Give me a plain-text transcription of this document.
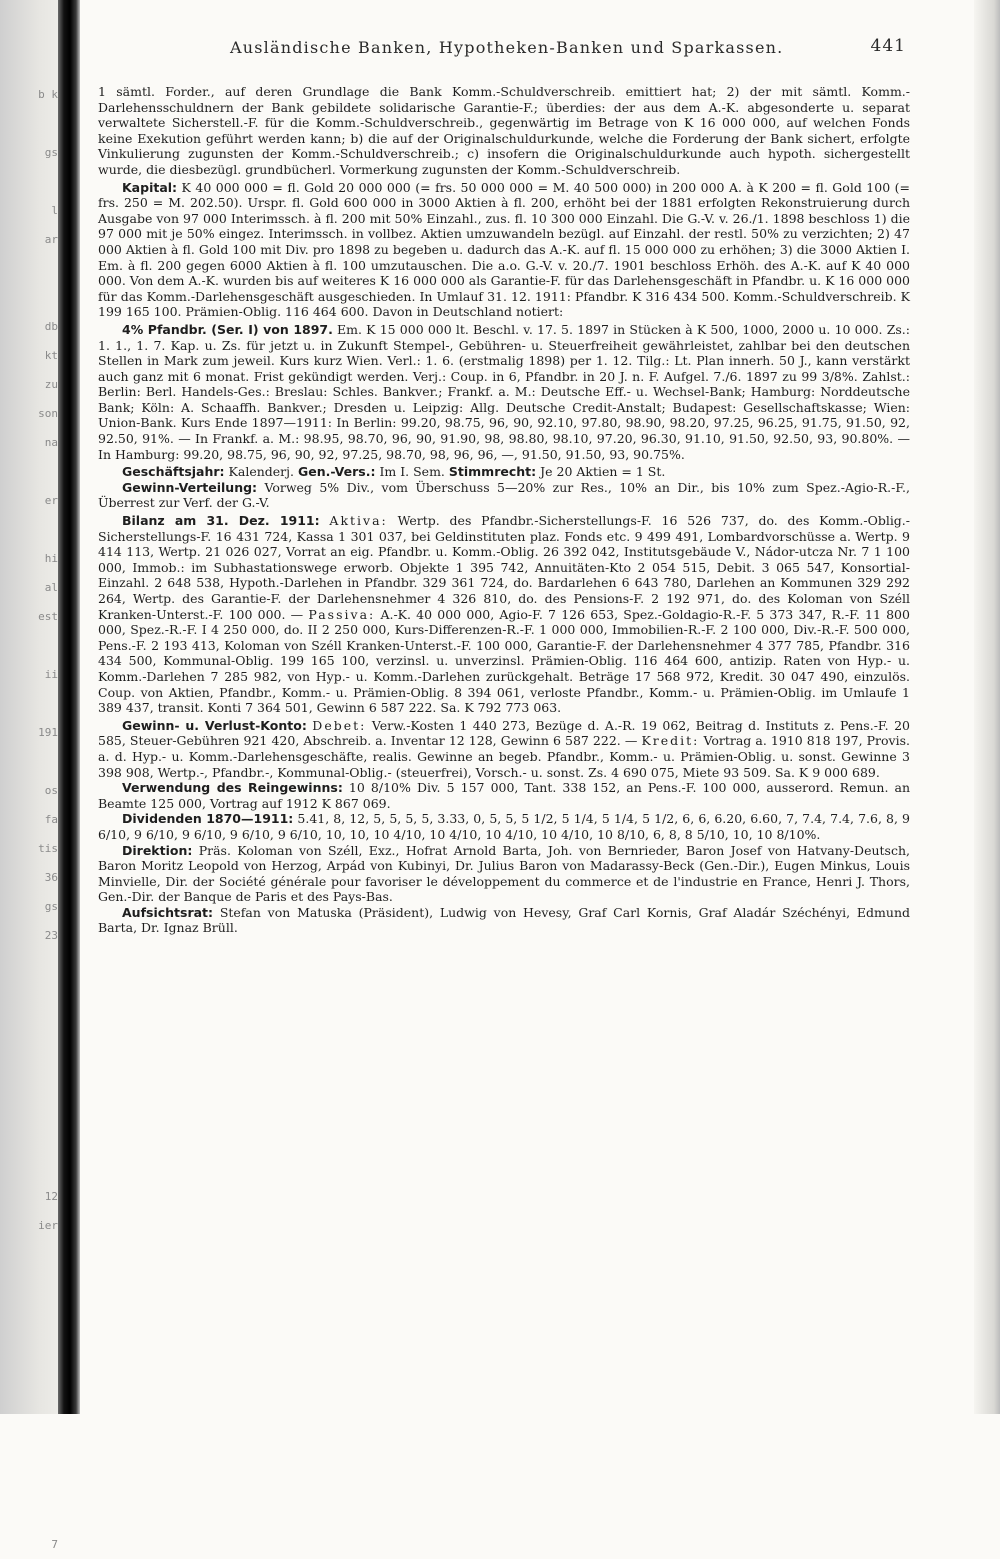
b k

gs

l
ar

db
kt
zu
son
na

er

hi
al
est

ii

191

os
fa
tis
36
gs
23

12
ier

7
Ausländische Banken, Hypotheken-Banken und Sparkassen.	441

1 sämtl. Forder., auf deren Grundlage die Bank Komm.-Schuldverschreib. emittiert hat; 2) der mit sämtl. Komm.-Darlehensschuldnern der Bank gebildete solidarische Garantie-F.; überdies: der aus dem A.-K. abgesonderte u. separat verwaltete Sicherstell.-F. für die Komm.-Schuldverschreib., gegenwärtig im Betrage von K 16 000 000, auf welchen Fonds keine Exekution geführt werden kann; b) die auf der Originalschuldurkunde, welche die Forderung der Bank sichert, erfolgte Vinkulierung zugunsten der Komm.-Schuldverschreib.; c) insofern die Originalschuldurkunde auch hypoth. sichergestellt wurde, die diesbezügl. grundbücherl. Vormerkung zugunsten der Komm.-Schuldverschreib.

Kapital: K 40 000 000 = fl. Gold 20 000 000 (= frs. 50 000 000 = M. 40 500 000) in 200 000 A. à K 200 = fl. Gold 100 (= frs. 250 = M. 202.50). Urspr. fl. Gold 600 000 in 3000 Aktien à fl. 200, erhöht bei der 1881 erfolgten Rekonstruierung durch Ausgabe von 97 000 Interimssch. à fl. 200 mit 50% Einzahl., zus. fl. 10 300 000 Einzahl. Die G.-V. v. 26./1. 1898 beschloss 1) die 97 000 mit je 50% eingez. Interimssch. in vollbez. Aktien umzuwandeln bezügl. auf Einzahl. der restl. 50% zu verzichten; 2) 47 000 Aktien à fl. Gold 100 mit Div. pro 1898 zu begeben u. dadurch das A.-K. auf fl. 15 000 000 zu erhöhen; 3) die 3000 Aktien I. Em. à fl. 200 gegen 6000 Aktien à fl. 100 umzutauschen. Die a.o. G.-V. v. 20./7. 1901 beschloss Erhöh. des A.-K. auf K 40 000 000. Von dem A.-K. wurden bis auf weiteres K 16 000 000 als Garantie-F. für das Darlehensgeschäft in Pfandbr. u. K 16 000 000 für das Komm.-Darlehensgeschäft ausgeschieden. In Umlauf 31. 12. 1911: Pfandbr. K 316 434 500. Komm.-Schuldverschreib. K 199 165 100. Prämien-Oblig. 116 464 600. Davon in Deutschland notiert:

4% Pfandbr. (Ser. I) von 1897. Em. K 15 000 000 lt. Beschl. v. 17. 5. 1897 in Stücken à K 500, 1000, 2000 u. 10 000. Zs.: 1. 1., 1. 7. Kap. u. Zs. für jetzt u. in Zukunft Stempel-, Gebühren- u. Steuerfreiheit gewährleistet, zahlbar bei den deutschen Stellen in Mark zum jeweil. Kurs kurz Wien. Verl.: 1. 6. (erstmalig 1898) per 1. 12. Tilg.: Lt. Plan innerh. 50 J., kann verstärkt auch ganz mit 6 monat. Frist gekündigt werden. Verj.: Coup. in 6, Pfandbr. in 20 J. n. F. Aufgel. 7./6. 1897 zu 99 3/8%. Zahlst.: Berlin: Berl. Handels-Ges.: Breslau: Schles. Bankver.; Frankf. a. M.: Deutsche Eff.- u. Wechsel-Bank; Hamburg: Norddeutsche Bank; Köln: A. Schaaffh. Bankver.; Dresden u. Leipzig: Allg. Deutsche Credit-Anstalt; Budapest: Gesellschaftskasse; Wien: Union-Bank. Kurs Ende 1897—1911: In Berlin: 99.20, 98.75, 96, 90, 92.10, 97.80, 98.90, 98.20, 97.25, 96.25, 91.75, 91.50, 92, 92.50, 91%. — In Frankf. a. M.: 98.95, 98.70, 96, 90, 91.90, 98, 98.80, 98.10, 97.20, 96.30, 91.10, 91.50, 92.50, 93, 90.80%. — In Hamburg: 99.20, 98.75, 96, 90, 92, 97.25, 98.70, 98, 96, 96, —, 91.50, 91.50, 93, 90.75%.

Geschäftsjahr: Kalenderj. Gen.-Vers.: Im I. Sem. Stimmrecht: Je 20 Aktien = 1 St.

Gewinn-Verteilung: Vorweg 5% Div., vom Überschuss 5—20% zur Res., 10% an Dir., bis 10% zum Spez.-Agio-R.-F., Überrest zur Verf. der G.-V.

Bilanz am 31. Dez. 1911: Aktiva: Wertp. des Pfandbr.-Sicherstellungs-F. 16 526 737, do. des Komm.-Oblig.-Sicherstellungs-F. 16 431 724, Kassa 1 301 037, bei Geldinstituten plaz. Fonds etc. 9 499 491, Lombardvorschüsse a. Wertp. 9 414 113, Wertp. 21 026 027, Vorrat an eig. Pfandbr. u. Komm.-Oblig. 26 392 042, Institutsgebäude V., Nádor-utcza Nr. 7 1 100 000, Immob.: im Subhastationswege erworb. Objekte 1 395 742, Annuitäten-Kto 2 054 515, Debit. 3 065 547, Konsortial-Einzahl. 2 648 538, Hypoth.-Darlehen in Pfandbr. 329 361 724, do. Bardarlehen 6 643 780, Darlehen an Kommunen 329 292 264, Wertp. des Garantie-F. der Darlehensnehmer 4 326 810, do. des Pensions-F. 2 192 971, do. des Koloman von Széll Kranken-Unterst.-F. 100 000. — Passiva: A.-K. 40 000 000, Agio-F. 7 126 653, Spez.-Goldagio-R.-F. 5 373 347, R.-F. 11 800 000, Spez.-R.-F. I 4 250 000, do. II 2 250 000, Kurs-Differenzen-R.-F. 1 000 000, Immobilien-R.-F. 2 100 000, Div.-R.-F. 500 000, Pens.-F. 2 193 413, Koloman von Széll Kranken-Unterst.-F. 100 000, Garantie-F. der Darlehensnehmer 4 377 785, Pfandbr. 316 434 500, Kommunal-Oblig. 199 165 100, verzinsl. u. unverzinsl. Prämien-Oblig. 116 464 600, antizip. Raten von Hyp.- u. Komm.-Darlehen 7 285 982, von Hyp.- u. Komm.-Darlehen zurückgehalt. Beträge 17 568 972, Kredit. 30 047 490, einzulös. Coup. von Aktien, Pfandbr., Komm.- u. Prämien-Oblig. 8 394 061, verloste Pfandbr., Komm.- u. Prämien-Oblig. im Umlaufe 1 389 437, transit. Konti 7 364 501, Gewinn 6 587 222. Sa. K 792 773 063.

Gewinn- u. Verlust-Konto: Debet: Verw.-Kosten 1 440 273, Bezüge d. A.-R. 19 062, Beitrag d. Instituts z. Pens.-F. 20 585, Steuer-Gebühren 921 420, Abschreib. a. Inventar 12 128, Gewinn 6 587 222. — Kredit: Vortrag a. 1910 818 197, Provis. a. d. Hyp.- u. Komm.-Darlehensgeschäfte, realis. Gewinne an begeb. Pfandbr., Komm.- u. Prämien-Oblig. u. sonst. Gewinne 3 398 908, Wertp.-, Pfandbr.-, Kommunal-Oblig.- (steuerfrei), Vorsch.- u. sonst. Zs. 4 690 075, Miete 93 509. Sa. K 9 000 689.

Verwendung des Reingewinns: 10 8/10% Div. 5 157 000, Tant. 338 152, an Pens.-F. 100 000, ausserord. Remun. an Beamte 125 000, Vortrag auf 1912 K 867 069.

Dividenden 1870—1911: 5.41, 8, 12, 5, 5, 5, 5, 3.33, 0, 5, 5, 5 1/2, 5 1/4, 5 1/4, 5 1/2, 6, 6, 6.20, 6.60, 7, 7.4, 7.4, 7.6, 8, 9 6/10, 9 6/10, 9 6/10, 9 6/10, 9 6/10, 10, 10, 10 4/10, 10 4/10, 10 4/10, 10 4/10, 10 8/10, 6, 8, 8 5/10, 10, 10 8/10%.

Direktion: Präs. Koloman von Széll, Exz., Hofrat Arnold Barta, Joh. von Bernrieder, Baron Josef von Hatvany-Deutsch, Baron Moritz Leopold von Herzog, Arpád von Kubinyi, Dr. Julius Baron von Madarassy-Beck (Gen.-Dir.), Eugen Minkus, Louis Minvielle, Dir. der Société générale pour favoriser le développement du commerce et de l'industrie en France, Henri J. Thors, Gen.-Dir. der Banque de Paris et des Pays-Bas.

Aufsichtsrat: Stefan von Matuska (Präsident), Ludwig von Hevesy, Graf Carl Kornis, Graf Aladár Széchényi, Edmund Barta, Dr. Ignaz Brüll.
